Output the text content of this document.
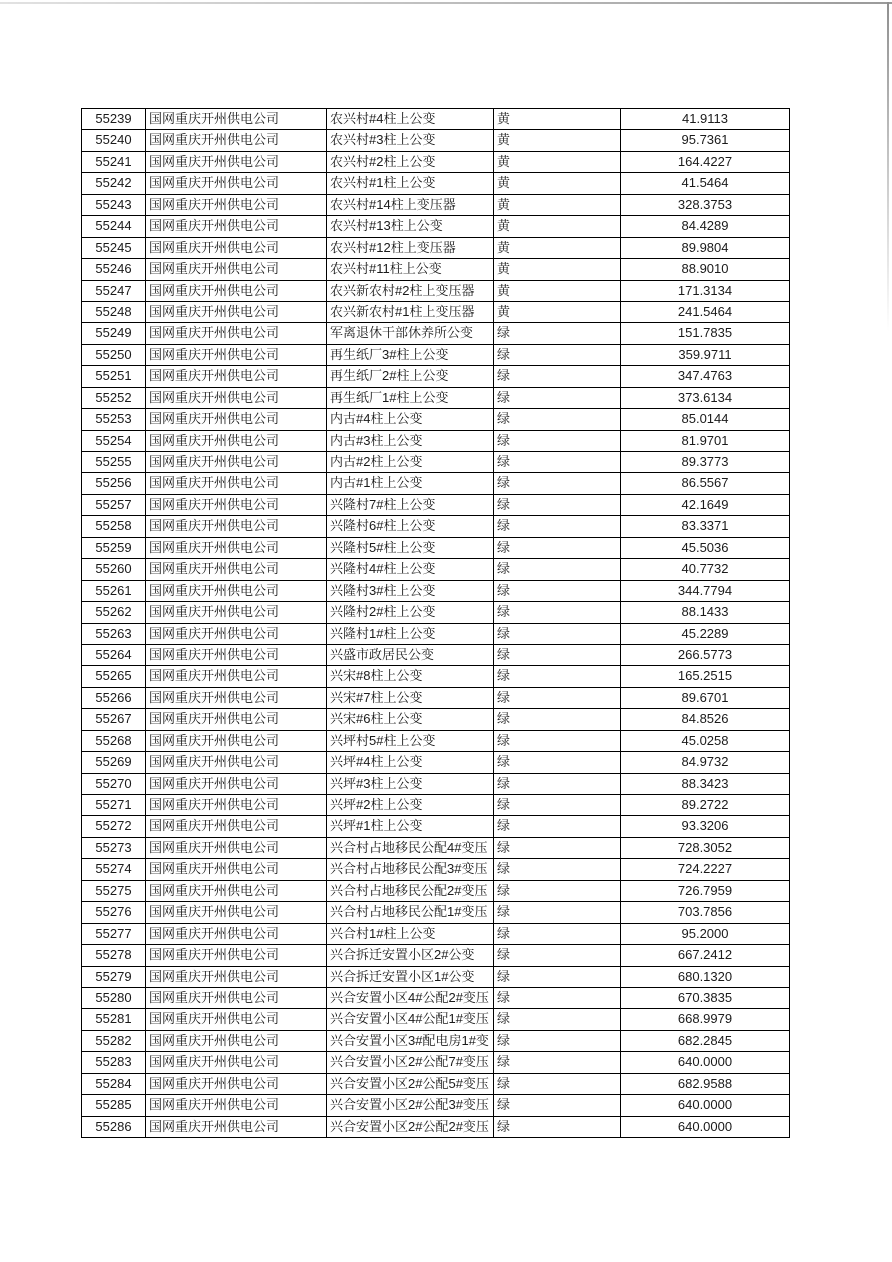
55239	国网重庆开州供电公司	农兴村#4柱上公变	黄	41.9113
55240	国网重庆开州供电公司	农兴村#3柱上公变	黄	95.7361
55241	国网重庆开州供电公司	农兴村#2柱上公变	黄	164.4227
55242	国网重庆开州供电公司	农兴村#1柱上公变	黄	41.5464
55243	国网重庆开州供电公司	农兴村#14柱上变压器	黄	328.3753
55244	国网重庆开州供电公司	农兴村#13柱上公变	黄	84.4289
55245	国网重庆开州供电公司	农兴村#12柱上变压器	黄	89.9804
55246	国网重庆开州供电公司	农兴村#11柱上公变	黄	88.9010
55247	国网重庆开州供电公司	农兴新农村#2柱上变压器	黄	171.3134
55248	国网重庆开州供电公司	农兴新农村#1柱上变压器	黄	241.5464
55249	国网重庆开州供电公司	军离退休干部休养所公变	绿	151.7835
55250	国网重庆开州供电公司	再生纸厂3#柱上公变	绿	359.9711
55251	国网重庆开州供电公司	再生纸厂2#柱上公变	绿	347.4763
55252	国网重庆开州供电公司	再生纸厂1#柱上公变	绿	373.6134
55253	国网重庆开州供电公司	内古#4柱上公变	绿	85.0144
55254	国网重庆开州供电公司	内古#3柱上公变	绿	81.9701
55255	国网重庆开州供电公司	内古#2柱上公变	绿	89.3773
55256	国网重庆开州供电公司	内古#1柱上公变	绿	86.5567
55257	国网重庆开州供电公司	兴隆村7#柱上公变	绿	42.1649
55258	国网重庆开州供电公司	兴隆村6#柱上公变	绿	83.3371
55259	国网重庆开州供电公司	兴隆村5#柱上公变	绿	45.5036
55260	国网重庆开州供电公司	兴隆村4#柱上公变	绿	40.7732
55261	国网重庆开州供电公司	兴隆村3#柱上公变	绿	344.7794
55262	国网重庆开州供电公司	兴隆村2#柱上公变	绿	88.1433
55263	国网重庆开州供电公司	兴隆村1#柱上公变	绿	45.2289
55264	国网重庆开州供电公司	兴盛市政居民公变	绿	266.5773
55265	国网重庆开州供电公司	兴宋#8柱上公变	绿	165.2515
55266	国网重庆开州供电公司	兴宋#7柱上公变	绿	89.6701
55267	国网重庆开州供电公司	兴宋#6柱上公变	绿	84.8526
55268	国网重庆开州供电公司	兴坪村5#柱上公变	绿	45.0258
55269	国网重庆开州供电公司	兴坪#4柱上公变	绿	84.9732
55270	国网重庆开州供电公司	兴坪#3柱上公变	绿	88.3423
55271	国网重庆开州供电公司	兴坪#2柱上公变	绿	89.2722
55272	国网重庆开州供电公司	兴坪#1柱上公变	绿	93.3206
55273	国网重庆开州供电公司	兴合村占地移民公配4#变压	绿	728.3052
55274	国网重庆开州供电公司	兴合村占地移民公配3#变压	绿	724.2227
55275	国网重庆开州供电公司	兴合村占地移民公配2#变压	绿	726.7959
55276	国网重庆开州供电公司	兴合村占地移民公配1#变压	绿	703.7856
55277	国网重庆开州供电公司	兴合村1#柱上公变	绿	95.2000
55278	国网重庆开州供电公司	兴合拆迁安置小区2#公变	绿	667.2412
55279	国网重庆开州供电公司	兴合拆迁安置小区1#公变	绿	680.1320
55280	国网重庆开州供电公司	兴合安置小区4#公配2#变压	绿	670.3835
55281	国网重庆开州供电公司	兴合安置小区4#公配1#变压	绿	668.9979
55282	国网重庆开州供电公司	兴合安置小区3#配电房1#变	绿	682.2845
55283	国网重庆开州供电公司	兴合安置小区2#公配7#变压	绿	640.0000
55284	国网重庆开州供电公司	兴合安置小区2#公配5#变压	绿	682.9588
55285	国网重庆开州供电公司	兴合安置小区2#公配3#变压	绿	640.0000
55286	国网重庆开州供电公司	兴合安置小区2#公配2#变压	绿	640.0000
